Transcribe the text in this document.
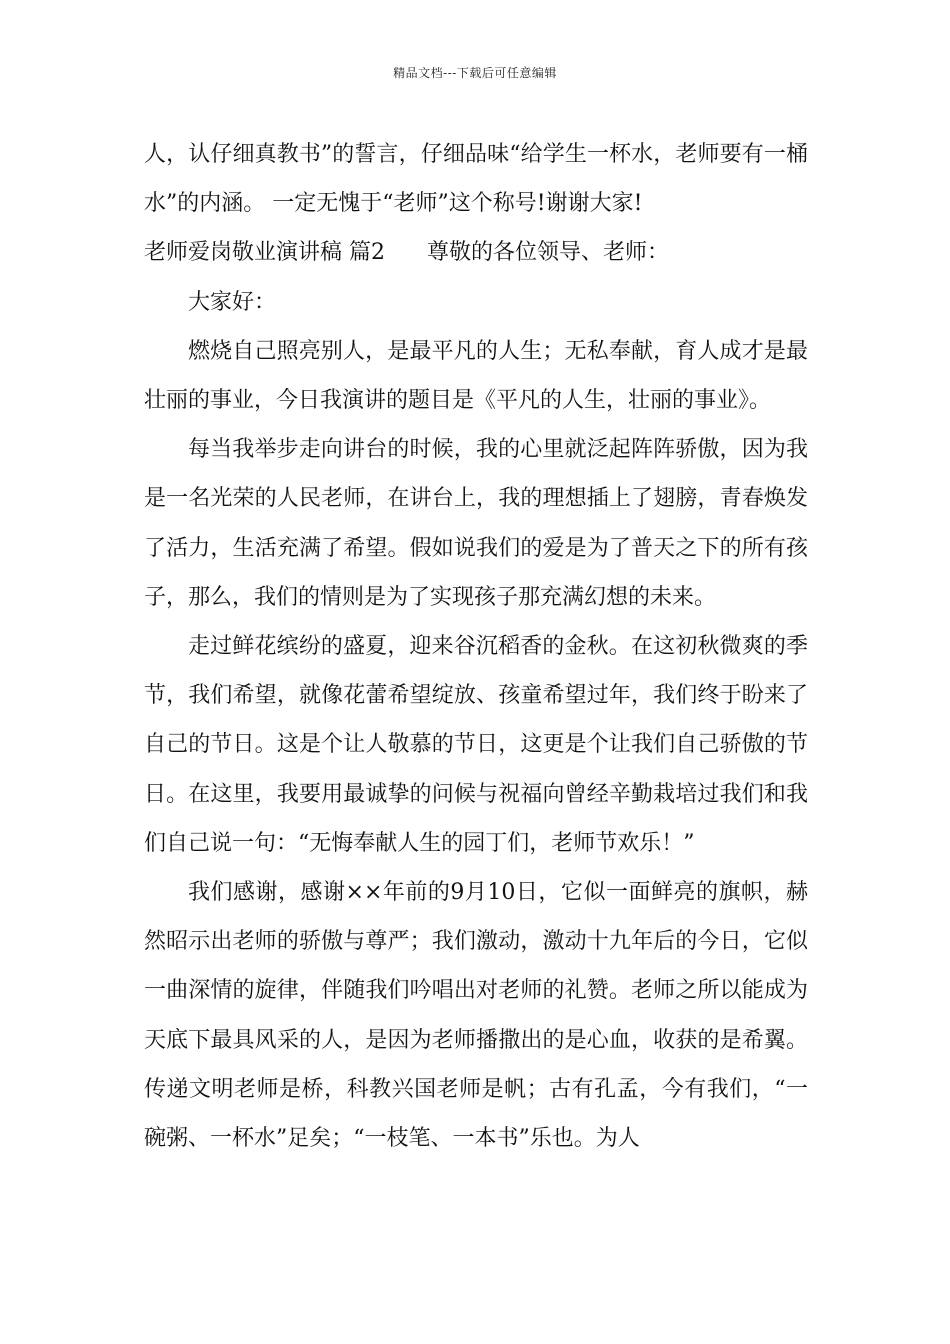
精品文档---下载后可任意编辑

人，认仔细真教书”的誓言，仔细品味“给学生一杯水，老师要有一桶水”的内涵。 一定无愧于“老师”这个称号!谢谢大家!

老师爱岗敬业演讲稿 篇2      尊敬的各位领导、老师：

大家好：

燃烧自己照亮别人，是最平凡的人生；无私奉献，育人成才是最壮丽的事业，今日我演讲的题目是《平凡的人生，壮丽的事业》。

每当我举步走向讲台的时候，我的心里就泛起阵阵骄傲，因为我是一名光荣的人民老师，在讲台上，我的理想插上了翅膀，青春焕发了活力，生活充满了希望。假如说我们的爱是为了普天之下的所有孩子，那么，我们的情则是为了实现孩子那充满幻想的未来。

走过鲜花缤纷的盛夏，迎来谷沉稻香的金秋。在这初秋微爽的季节，我们希望，就像花蕾希望绽放、孩童希望过年，我们终于盼来了自己的节日。这是个让人敬慕的节日，这更是个让我们自己骄傲的节日。在这里，我要用最诚挚的问候与祝福向曾经辛勤栽培过我们和我们自己说一句：“无悔奉献人生的园丁们，老师节欢乐！”

我们感谢，感谢××年前的9月10日，它似一面鲜亮的旗帜，赫然昭示出老师的骄傲与尊严；我们激动，激动十九年后的今日，它似一曲深情的旋律，伴随我们吟唱出对老师的礼赞。老师之所以能成为天底下最具风采的人，是因为老师播撒出的是心血，收获的是希翼。传递文明老师是桥，科教兴国老师是帆；古有孔孟，今有我们，“一碗粥、一杯水”足矣；“一枝笔、一本书”乐也。为人
